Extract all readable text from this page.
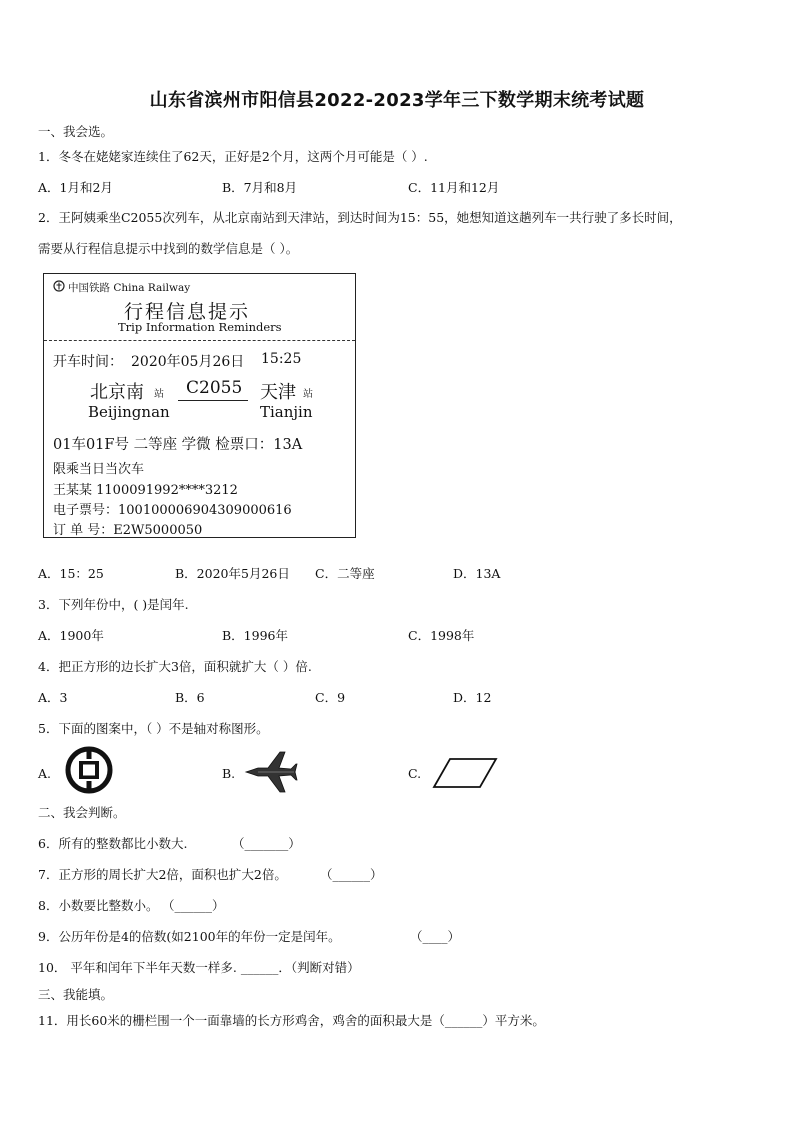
山东省滨州市阳信县2022-2023学年三下数学期末统考试题
一、我会选。
1．冬冬在姥姥家连续住了62天，正好是2个月，这两个月可能是（ ）.
A．1月和2月	B．7月和8月	C．11月和12月
2．王阿姨乘坐C2055次列车，从北京南站到天津站，到达时间为15：55，她想知道这趟列车一共行驶了多长时间，
需要从行程信息提示中找到的数学信息是（ ）。
中国铁路 China Railway
行程信息提示
Trip Information Reminders
开车时间： 2020年05月26日 15:25
北京南 站
Beijingnan
C2055 天津 站
Tianjin
01车01F号 二等座 学微 检票口：13A
限乘当日当次车
王某某 1100091992****3212
电子票号：100100006904309000616
订 单 号：E2W5000050
A．15：25	B．2020年5月26日 C．二等座	D．13A
3．下列年份中，( )是闰年.
A．1900年	B．1996年	C．1998年
4．把正方形的边长扩大3倍，面积就扩大（ ）倍.
A．3	B．6	C．9	D．12
5．下面的图案中，（ ）不是轴对称图形。
A.	B.	C.
二、我会判断。
6．所有的整数都比小数大.	（_______）
7．正方形的周长扩大2倍，面积也扩大2倍。	（______）
8．小数要比整数小。 （______）
9．公历年份是4的倍数(如2100年的年份一定是闰年。	（____）
10． 平年和闰年下半年天数一样多. ______．（判断对错）
三、我能填。
11．用长60米的栅栏围一个一面靠墙的长方形鸡舍，鸡舍的面积最大是（______）平方米。
